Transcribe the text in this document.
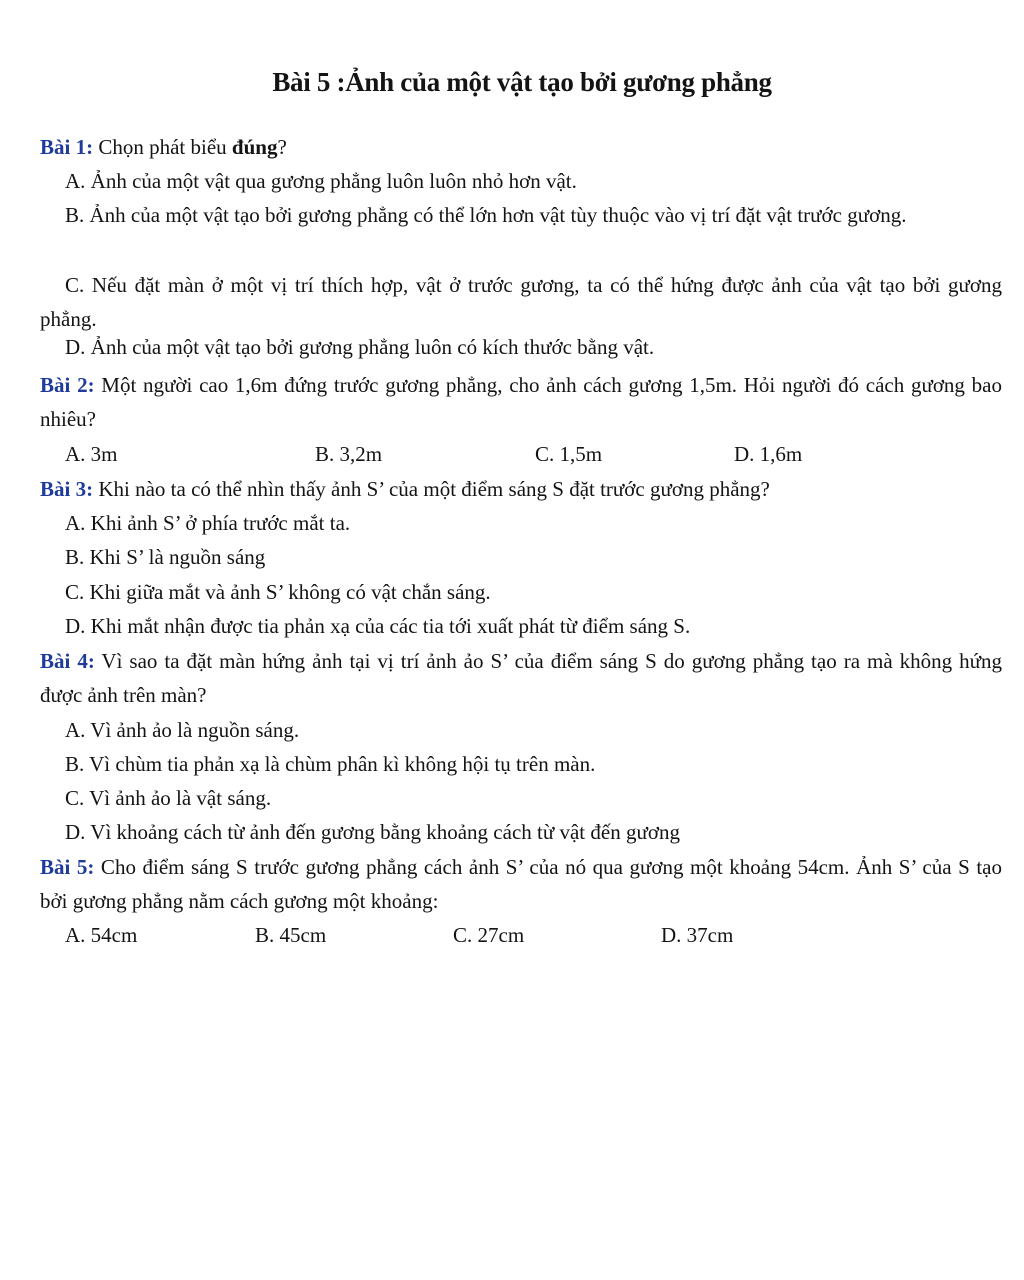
Bài 5 :Ảnh của một vật tạo bởi gương phẳng
Bài 1: Chọn phát biểu đúng?
A. Ảnh của một vật qua gương phẳng luôn luôn nhỏ hơn vật.
B. Ảnh của một vật tạo bởi gương phẳng có thể lớn hơn vật tùy thuộc vào vị trí đặt vật trước gương.
C. Nếu đặt màn ở một vị trí thích hợp, vật ở trước gương, ta có thể hứng được ảnh của vật tạo bởi gương phẳng.
D. Ảnh của một vật tạo bởi gương phẳng luôn có kích thước bằng vật.
Bài 2: Một người cao 1,6m đứng trước gương phẳng, cho ảnh cách gương 1,5m. Hỏi người đó cách gương bao nhiêu?
A. 3m	B. 3,2m	C. 1,5m	D. 1,6m
Bài 3: Khi nào ta có thể nhìn thấy ảnh S’ của một điểm sáng S đặt trước gương phẳng?
A. Khi ảnh S’ ở phía trước mắt ta.
B. Khi S’ là nguồn sáng
C. Khi giữa mắt và ảnh S’ không có vật chắn sáng.
D. Khi mắt nhận được tia phản xạ của các tia tới xuất phát từ điểm sáng S.
Bài 4: Vì sao ta đặt màn hứng ảnh tại vị trí ảnh ảo S’ của điểm sáng S do gương phẳng tạo ra mà không hứng được ảnh trên màn?
A. Vì ảnh ảo là nguồn sáng.
B. Vì chùm tia phản xạ là chùm phân kì không hội tụ trên màn.
C. Vì ảnh ảo là vật sáng.
D. Vì khoảng cách từ ảnh đến gương bằng khoảng cách từ vật đến gương
Bài 5: Cho điểm sáng S trước gương phẳng cách ảnh S’ của nó qua gương một khoảng 54cm. Ảnh S’ của S tạo bởi gương phẳng nằm cách gương một khoảng:
A. 54cm	B. 45cm	C. 27cm	D. 37cm
